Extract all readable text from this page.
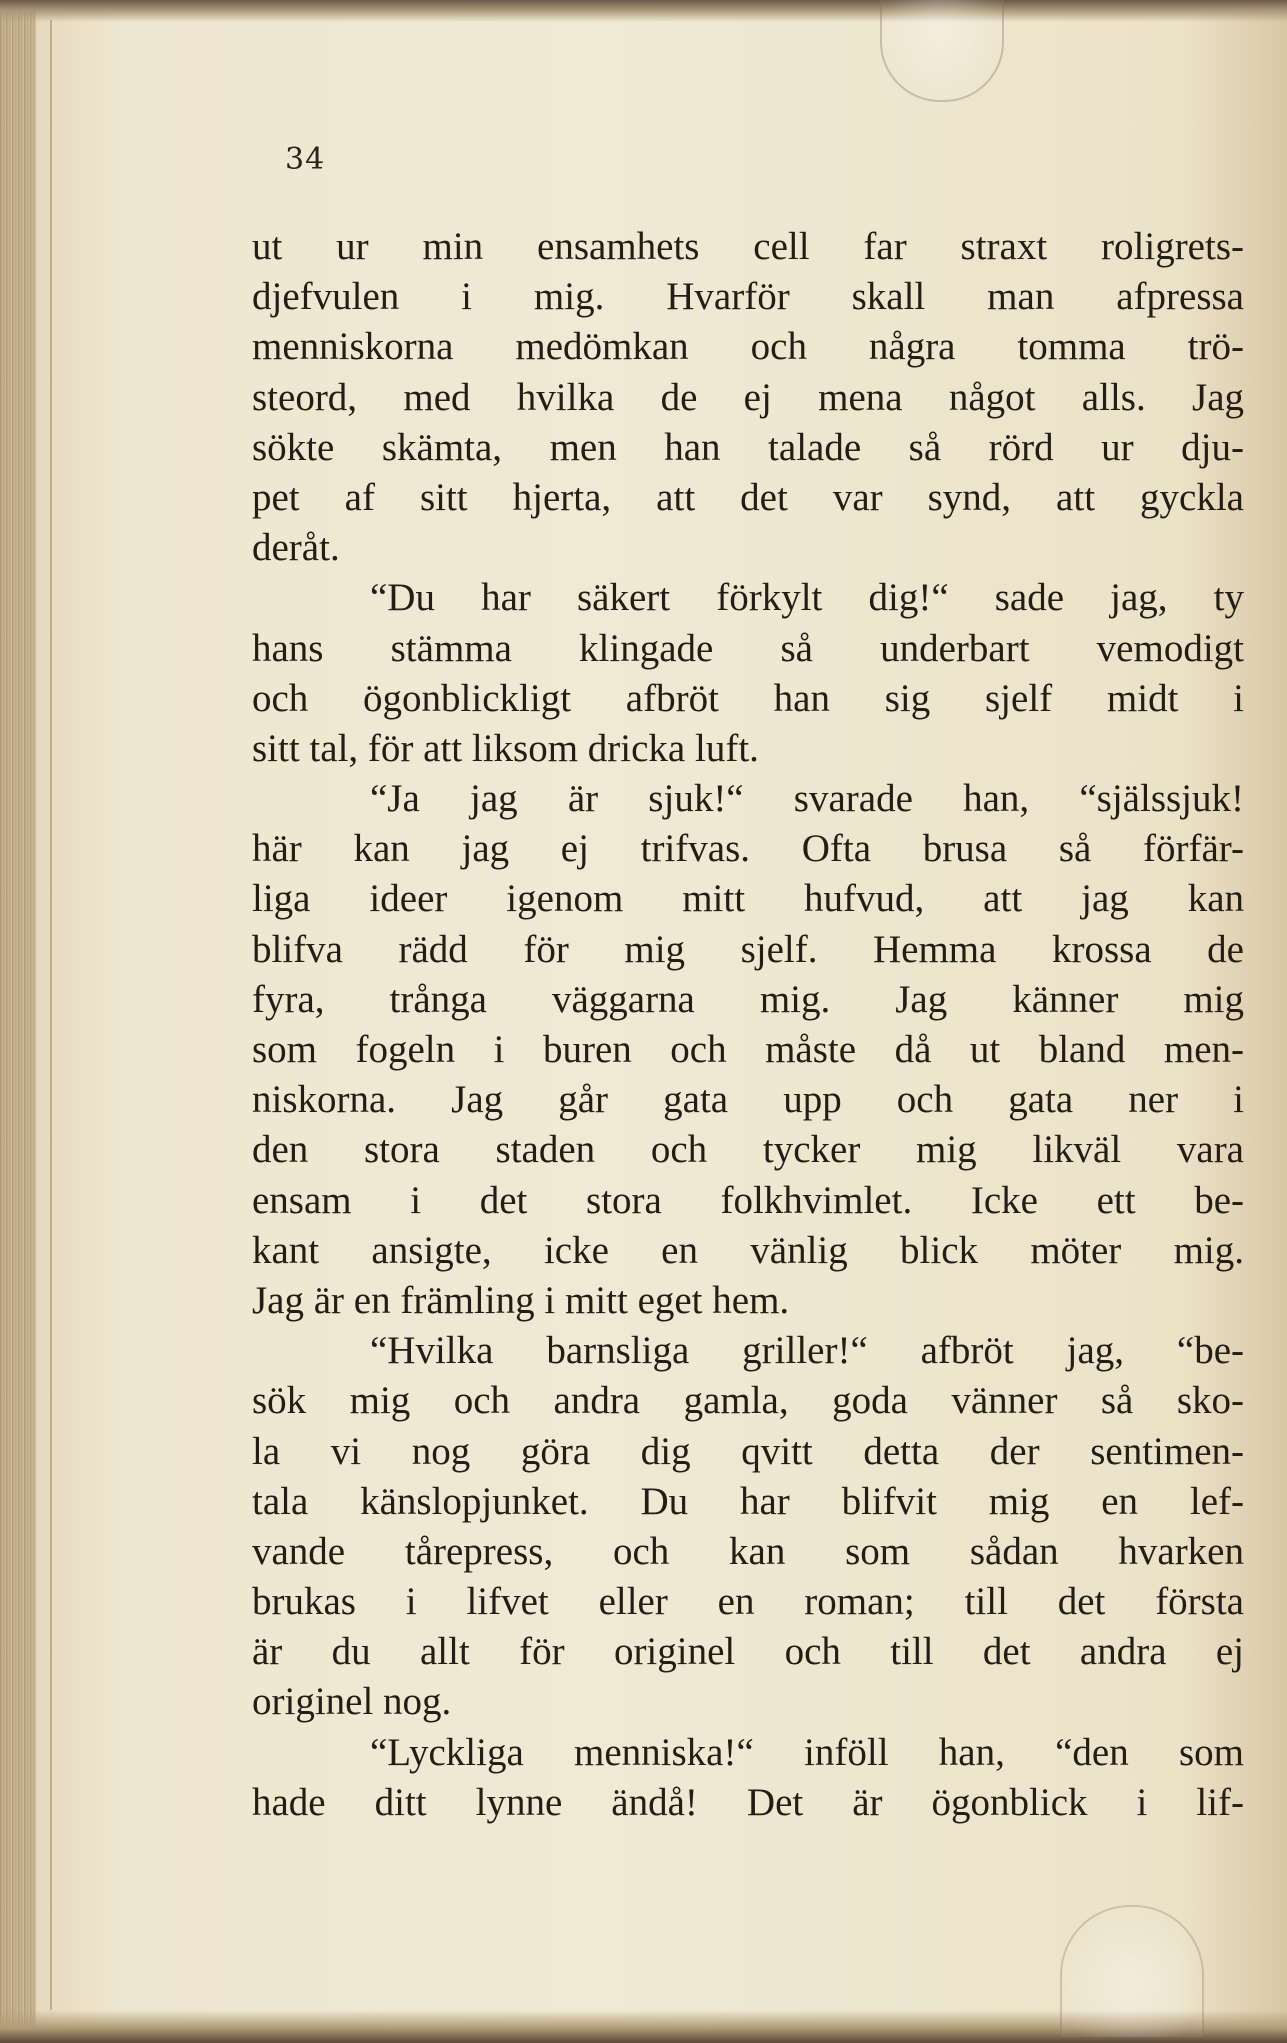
34
ut ur min ensamhets cell far straxt roligrets-
djefvulen i mig. Hvarför skall man afpressa
menniskorna medömkan och några tomma trö-
steord, med hvilka de ej mena något alls. Jag
sökte skämta, men han talade så rörd ur dju-
pet af sitt hjerta, att det var synd, att gyckla
deråt.
“Du har säkert förkylt dig!“ sade jag, ty
hans stämma klingade så underbart vemodigt
och ögonblickligt afbröt han sig sjelf midt i
sitt tal, för att liksom dricka luft.
“Ja jag är sjuk!“ svarade han, “själssjuk!
här kan jag ej trifvas. Ofta brusa så förfär-
liga ideer igenom mitt hufvud, att jag kan
blifva rädd för mig sjelf. Hemma krossa de
fyra, trånga väggarna mig. Jag känner mig
som fogeln i buren och måste då ut bland men-
niskorna. Jag går gata upp och gata ner i
den stora staden och tycker mig likväl vara
ensam i det stora folkhvimlet. Icke ett be-
kant ansigte, icke en vänlig blick möter mig.
Jag är en främling i mitt eget hem.
“Hvilka barnsliga griller!“ afbröt jag, “be-
sök mig och andra gamla, goda vänner så sko-
la vi nog göra dig qvitt detta der sentimen-
tala känslopjunket. Du har blifvit mig en lef-
vande tårepress, och kan som sådan hvarken
brukas i lifvet eller en roman; till det första
är du allt för originel och till det andra ej
originel nog.
“Lyckliga menniska!“ inföll han, “den som
hade ditt lynne ändå! Det är ögonblick i lif-
